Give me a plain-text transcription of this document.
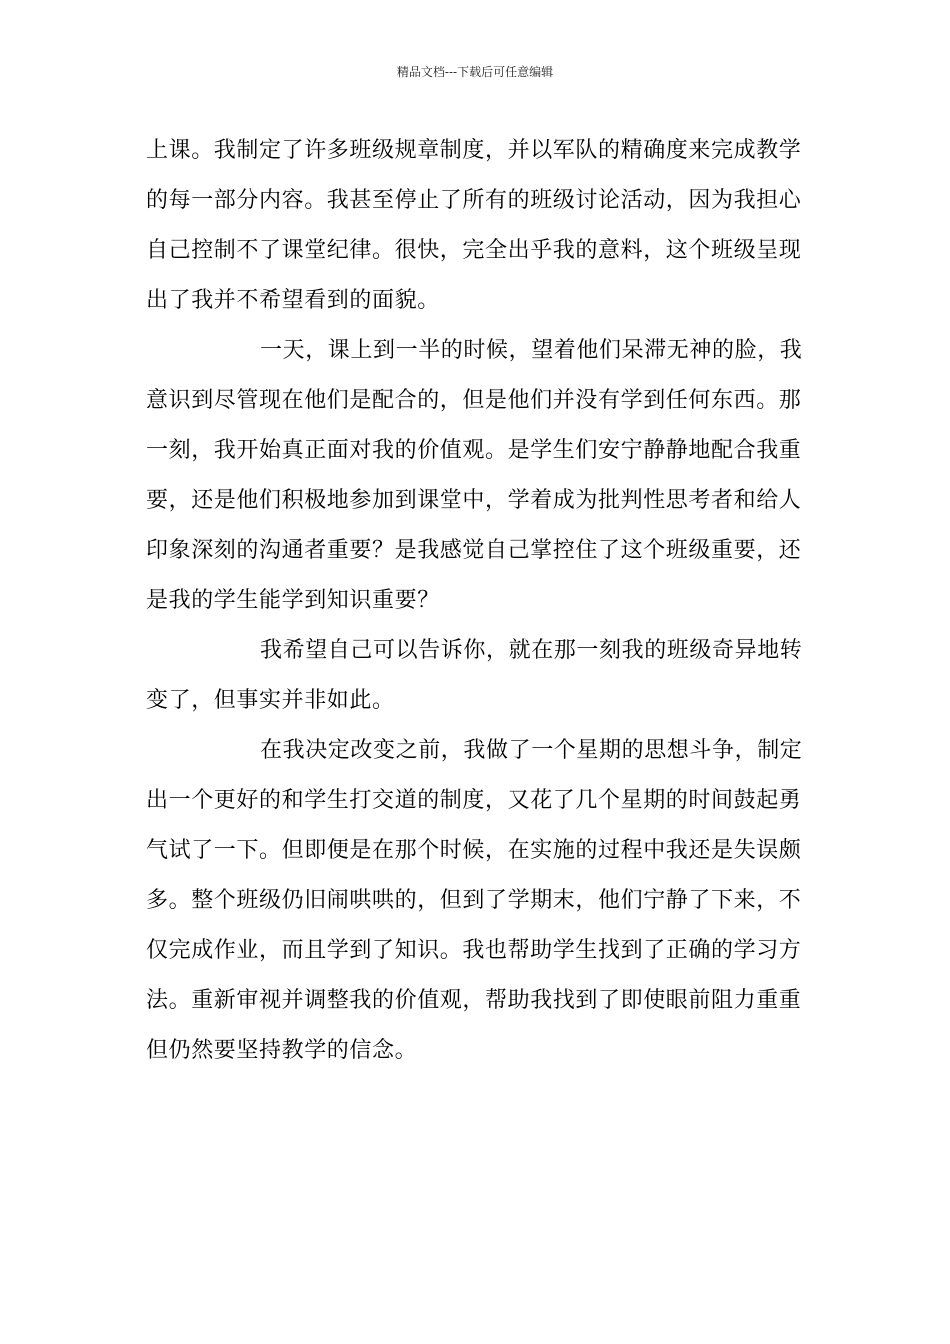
精品文档---下载后可任意编辑
上课。我制定了许多班级规章制度，并以军队的精确度来完成教学
的每一部分内容。我甚至停止了所有的班级讨论活动，因为我担心
自己控制不了课堂纪律。很快，完全出乎我的意料，这个班级呈现
出了我并不希望看到的面貌。
一天，课上到一半的时候，望着他们呆滞无神的脸，我
意识到尽管现在他们是配合的，但是他们并没有学到任何东西。那
一刻，我开始真正面对我的价值观。是学生们安宁静静地配合我重
要，还是他们积极地参加到课堂中，学着成为批判性思考者和给人
印象深刻的沟通者重要？是我感觉自己掌控住了这个班级重要，还
是我的学生能学到知识重要？
我希望自己可以告诉你，就在那一刻我的班级奇异地转
变了，但事实并非如此。
在我决定改变之前，我做了一个星期的思想斗争，制定
出一个更好的和学生打交道的制度，又花了几个星期的时间鼓起勇
气试了一下。但即便是在那个时候，在实施的过程中我还是失误颇
多。整个班级仍旧闹哄哄的，但到了学期末，他们宁静了下来，不
仅完成作业，而且学到了知识。我也帮助学生找到了正确的学习方
法。重新审视并调整我的价值观，帮助我找到了即使眼前阻力重重
但仍然要坚持教学的信念。
